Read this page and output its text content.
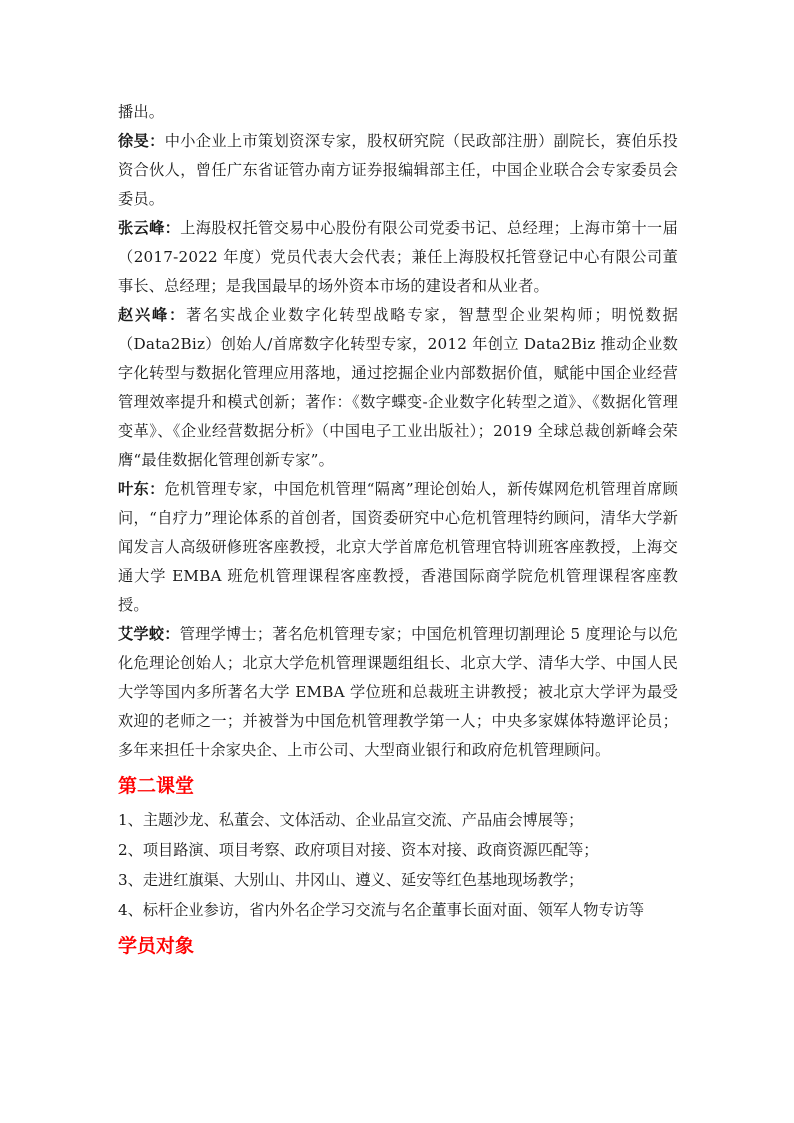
播出。

徐旻：中小企业上市策划资深专家，股权研究院（民政部注册）副院长，赛伯乐投资合伙人，曾任广东省证管办南方证券报编辑部主任，中国企业联合会专家委员会委员。

张云峰：上海股权托管交易中心股份有限公司党委书记、总经理；上海市第十一届（2017-2022 年度）党员代表大会代表；兼任上海股权托管登记中心有限公司董事长、总经理；是我国最早的场外资本市场的建设者和从业者。

赵兴峰：著名实战企业数字化转型战略专家，智慧型企业架构师；明悦数据（Data2Biz）创始人/首席数字化转型专家，2012 年创立 Data2Biz 推动企业数字化转型与数据化管理应用落地，通过挖掘企业内部数据价值，赋能中国企业经营管理效率提升和模式创新；著作：《数字蝶变-企业数字化转型之道》、《数据化管理变革》、《企业经营数据分析》（中国电子工业出版社）；2019 全球总裁创新峰会荣膺“最佳数据化管理创新专家”。

叶东：危机管理专家，中国危机管理“隔离”理论创始人，新传媒网危机管理首席顾问，“自疗力”理论体系的首创者，国资委研究中心危机管理特约顾问，清华大学新闻发言人高级研修班客座教授，北京大学首席危机管理官特训班客座教授，上海交通大学 EMBA 班危机管理课程客座教授，香港国际商学院危机管理课程客座教授。

艾学蛟：管理学博士；著名危机管理专家；中国危机管理切割理论 5 度理论与以危化危理论创始人；北京大学危机管理课题组组长、北京大学、清华大学、中国人民大学等国内多所著名大学 EMBA 学位班和总裁班主讲教授；被北京大学评为最受欢迎的老师之一；并被誉为中国危机管理教学第一人；中央多家媒体特邀评论员；多年来担任十余家央企、上市公司、大型商业银行和政府危机管理顾问。

第二课堂

1、主题沙龙、私董会、文体活动、企业品宣交流、产品庙会博展等；

2、项目路演、项目考察、政府项目对接、资本对接、政商资源匹配等；

3、走进红旗渠、大别山、井冈山、遵义、延安等红色基地现场教学；

4、标杆企业参访，省内外名企学习交流与名企董事长面对面、领军人物专访等

学员对象
